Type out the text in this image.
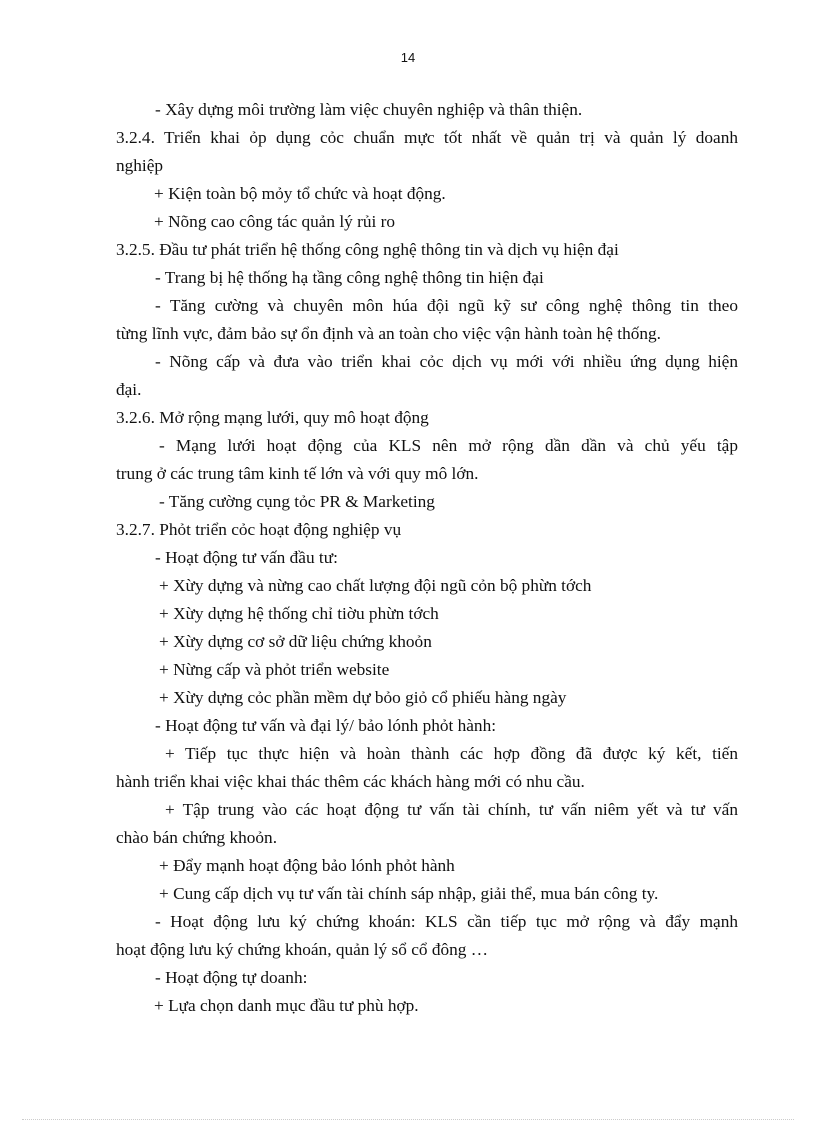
14
- Xây dựng môi trường làm việc chuyên nghiệp và thân thiện.
3.2.4. Triển khai ỏp dụng cỏc chuẩn mực tốt nhất về quản trị và quản lý doanh
nghiệp
+ Kiện toàn bộ mỏy tổ chức và hoạt động.
+ Nõng cao công tác quản lý rủi ro
3.2.5. Đầu tư phát triển hệ thống công nghệ thông tin và dịch vụ hiện đại
- Trang bị hệ thống hạ tầng công nghệ thông tin hiện đại
- Tăng cường và chuyên môn húa đội ngũ kỹ sư công nghệ thông tin theo
từng lĩnh vực, đảm bảo sự ổn định và an toàn cho việc vận hành toàn hệ thống.
- Nõng cấp và đưa vào triển khai cỏc dịch vụ mới với nhiều ứng dụng hiện
đại.
3.2.6. Mở rộng mạng lưới, quy mô hoạt động
- Mạng lưới hoạt động của KLS nên mở rộng dần dần và chủ yếu tập
trung ở các trung tâm kinh tế lớn và với quy mô lớn.
- Tăng cường cụng tỏc PR & Marketing
3.2.7. Phỏt triển cỏc hoạt động nghiệp vụ
- Hoạt động tư vấn đầu tư:
+ Xừy dựng và nừng cao chất lượng đội ngũ cỏn bộ phừn tớch
+ Xừy dựng hệ thống chỉ tiờu phừn tớch
+ Xừy dựng cơ sở dữ liệu chứng khoỏn
+ Nừng cấp và phỏt triển website
+ Xừy dựng cỏc phần mềm dự bỏo giỏ cổ phiếu hàng ngày
- Hoạt động tư vấn và đại lý/ bảo lónh phỏt hành:
+ Tiếp tục thực hiện và hoàn thành các hợp đồng đã được ký kết, tiến
hành triển khai việc khai thác thêm các khách hàng mới có nhu cầu.
+ Tập trung vào các hoạt động tư vấn tài chính, tư vấn niêm yết và tư vấn
chào bán chứng khoỏn.
+ Đẩy mạnh hoạt động bảo lónh phỏt hành
+ Cung cấp dịch vụ tư vấn tài chính sáp nhập, giải thể, mua bán công ty.
- Hoạt động lưu ký chứng khoán: KLS cần tiếp tục mở rộng và đẩy mạnh
hoạt động lưu ký chứng khoán, quản lý sổ cổ đông …
- Hoạt động tự doanh:
+ Lựa chọn danh mục đầu tư phù hợp.
